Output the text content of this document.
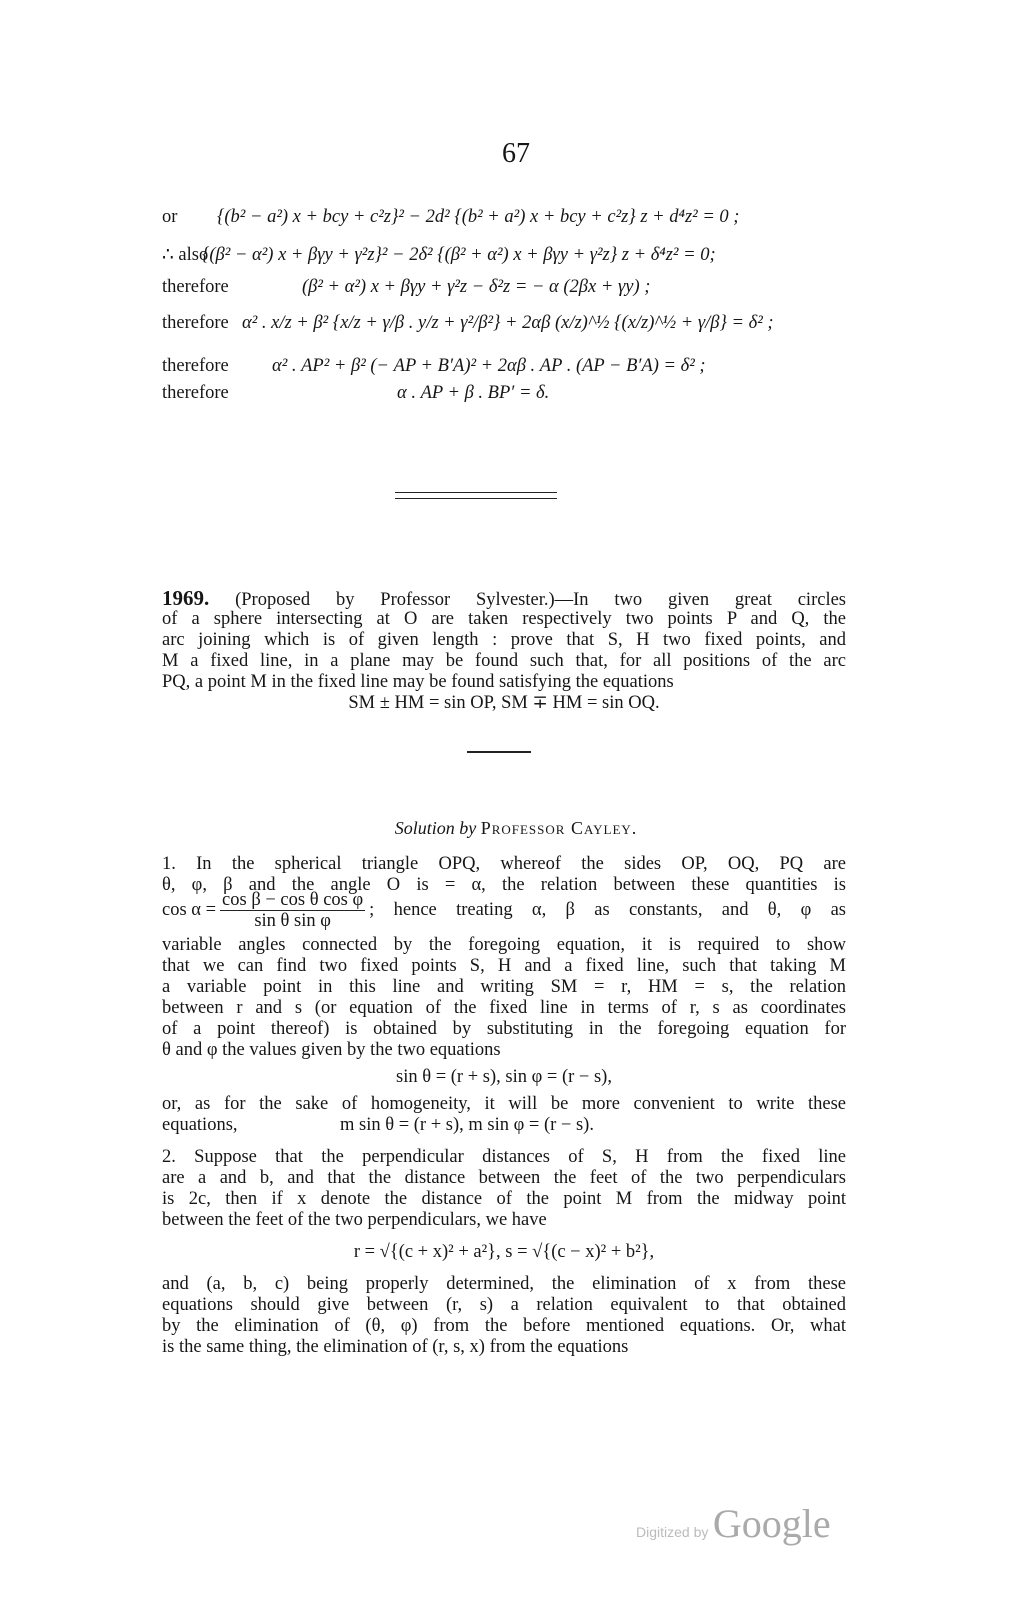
67
or {(b² − a²) x + bcy + c²z}² − 2d² {(b² + a²) x + bcy + c²z} z + d⁴z² = 0 ;
∴ also
{(β² − α²) x + βγy + γ²z}² − 2δ² {(β² + α²) x + βγy + γ²z} z + δ⁴z² = 0;
therefore	(β² + α²) x + βγy + γ²z − δ²z = − α (2βx + γy) ;
therefore α² . x/z + β² {x/z + γ/β . y/z + γ²/β²} + 2αβ (x/z)^½ {(x/z)^½ + γ/β} = δ² ;
therefore α² . AP² + β² (− AP + B′A)² + 2αβ . AP . (AP − B′A) = δ² ;
therefore	α . AP + β . BP′ = δ.
1969. (Proposed by Professor Sylvester.)—In two given great circles
of a sphere intersecting at O are taken respectively two points P and Q, the
arc joining which is of given length : prove that S, H two fixed points, and
M a fixed line, in a plane may be found such that, for all positions of the arc
PQ, a point M in the fixed line may be found satisfying the equations
SM ± HM = sin OP, SM ∓ HM = sin OQ.
Solution by Professor Cayley.
1. In the spherical triangle OPQ, whereof the sides OP, OQ, PQ are
θ, φ, β and the angle O is = α, the relation between these quantities is
variable angles connected by the foregoing equation, it is required to show
that we can find two fixed points S, H and a fixed line, such that taking M
a variable point in this line and writing SM = r, HM = s, the relation
between r and s (or equation of the fixed line in terms of r, s as coordinates
of a point thereof) is obtained by substituting in the foregoing equation for
θ and φ the values given by the two equations
sin θ = (r + s), sin φ = (r − s),
or, as for the sake of homogeneity, it will be more convenient to write these
equations,	m sin θ = (r + s), m sin φ = (r − s).
2. Suppose that the perpendicular distances of S, H from the fixed line
are a and b, and that the distance between the feet of the two perpendiculars
is 2c, then if x denote the distance of the point M from the midway point
between the feet of the two perpendiculars, we have
r = √{(c + x)² + a²}, s = √{(c − x)² + b²},
and (a, b, c) being properly determined, the elimination of x from these
equations should give between (r, s) a relation equivalent to that obtained
by the elimination of (θ, φ) from the before mentioned equations. Or, what
is the same thing, the elimination of (r, s, x) from the equations
$\cos \alpha = \frac{\text{cos β − cos θ cos φ}}{\text{sin θ sin φ}}$ ; hence treating α, β as constants, and θ, φ as
Digitized by Google
